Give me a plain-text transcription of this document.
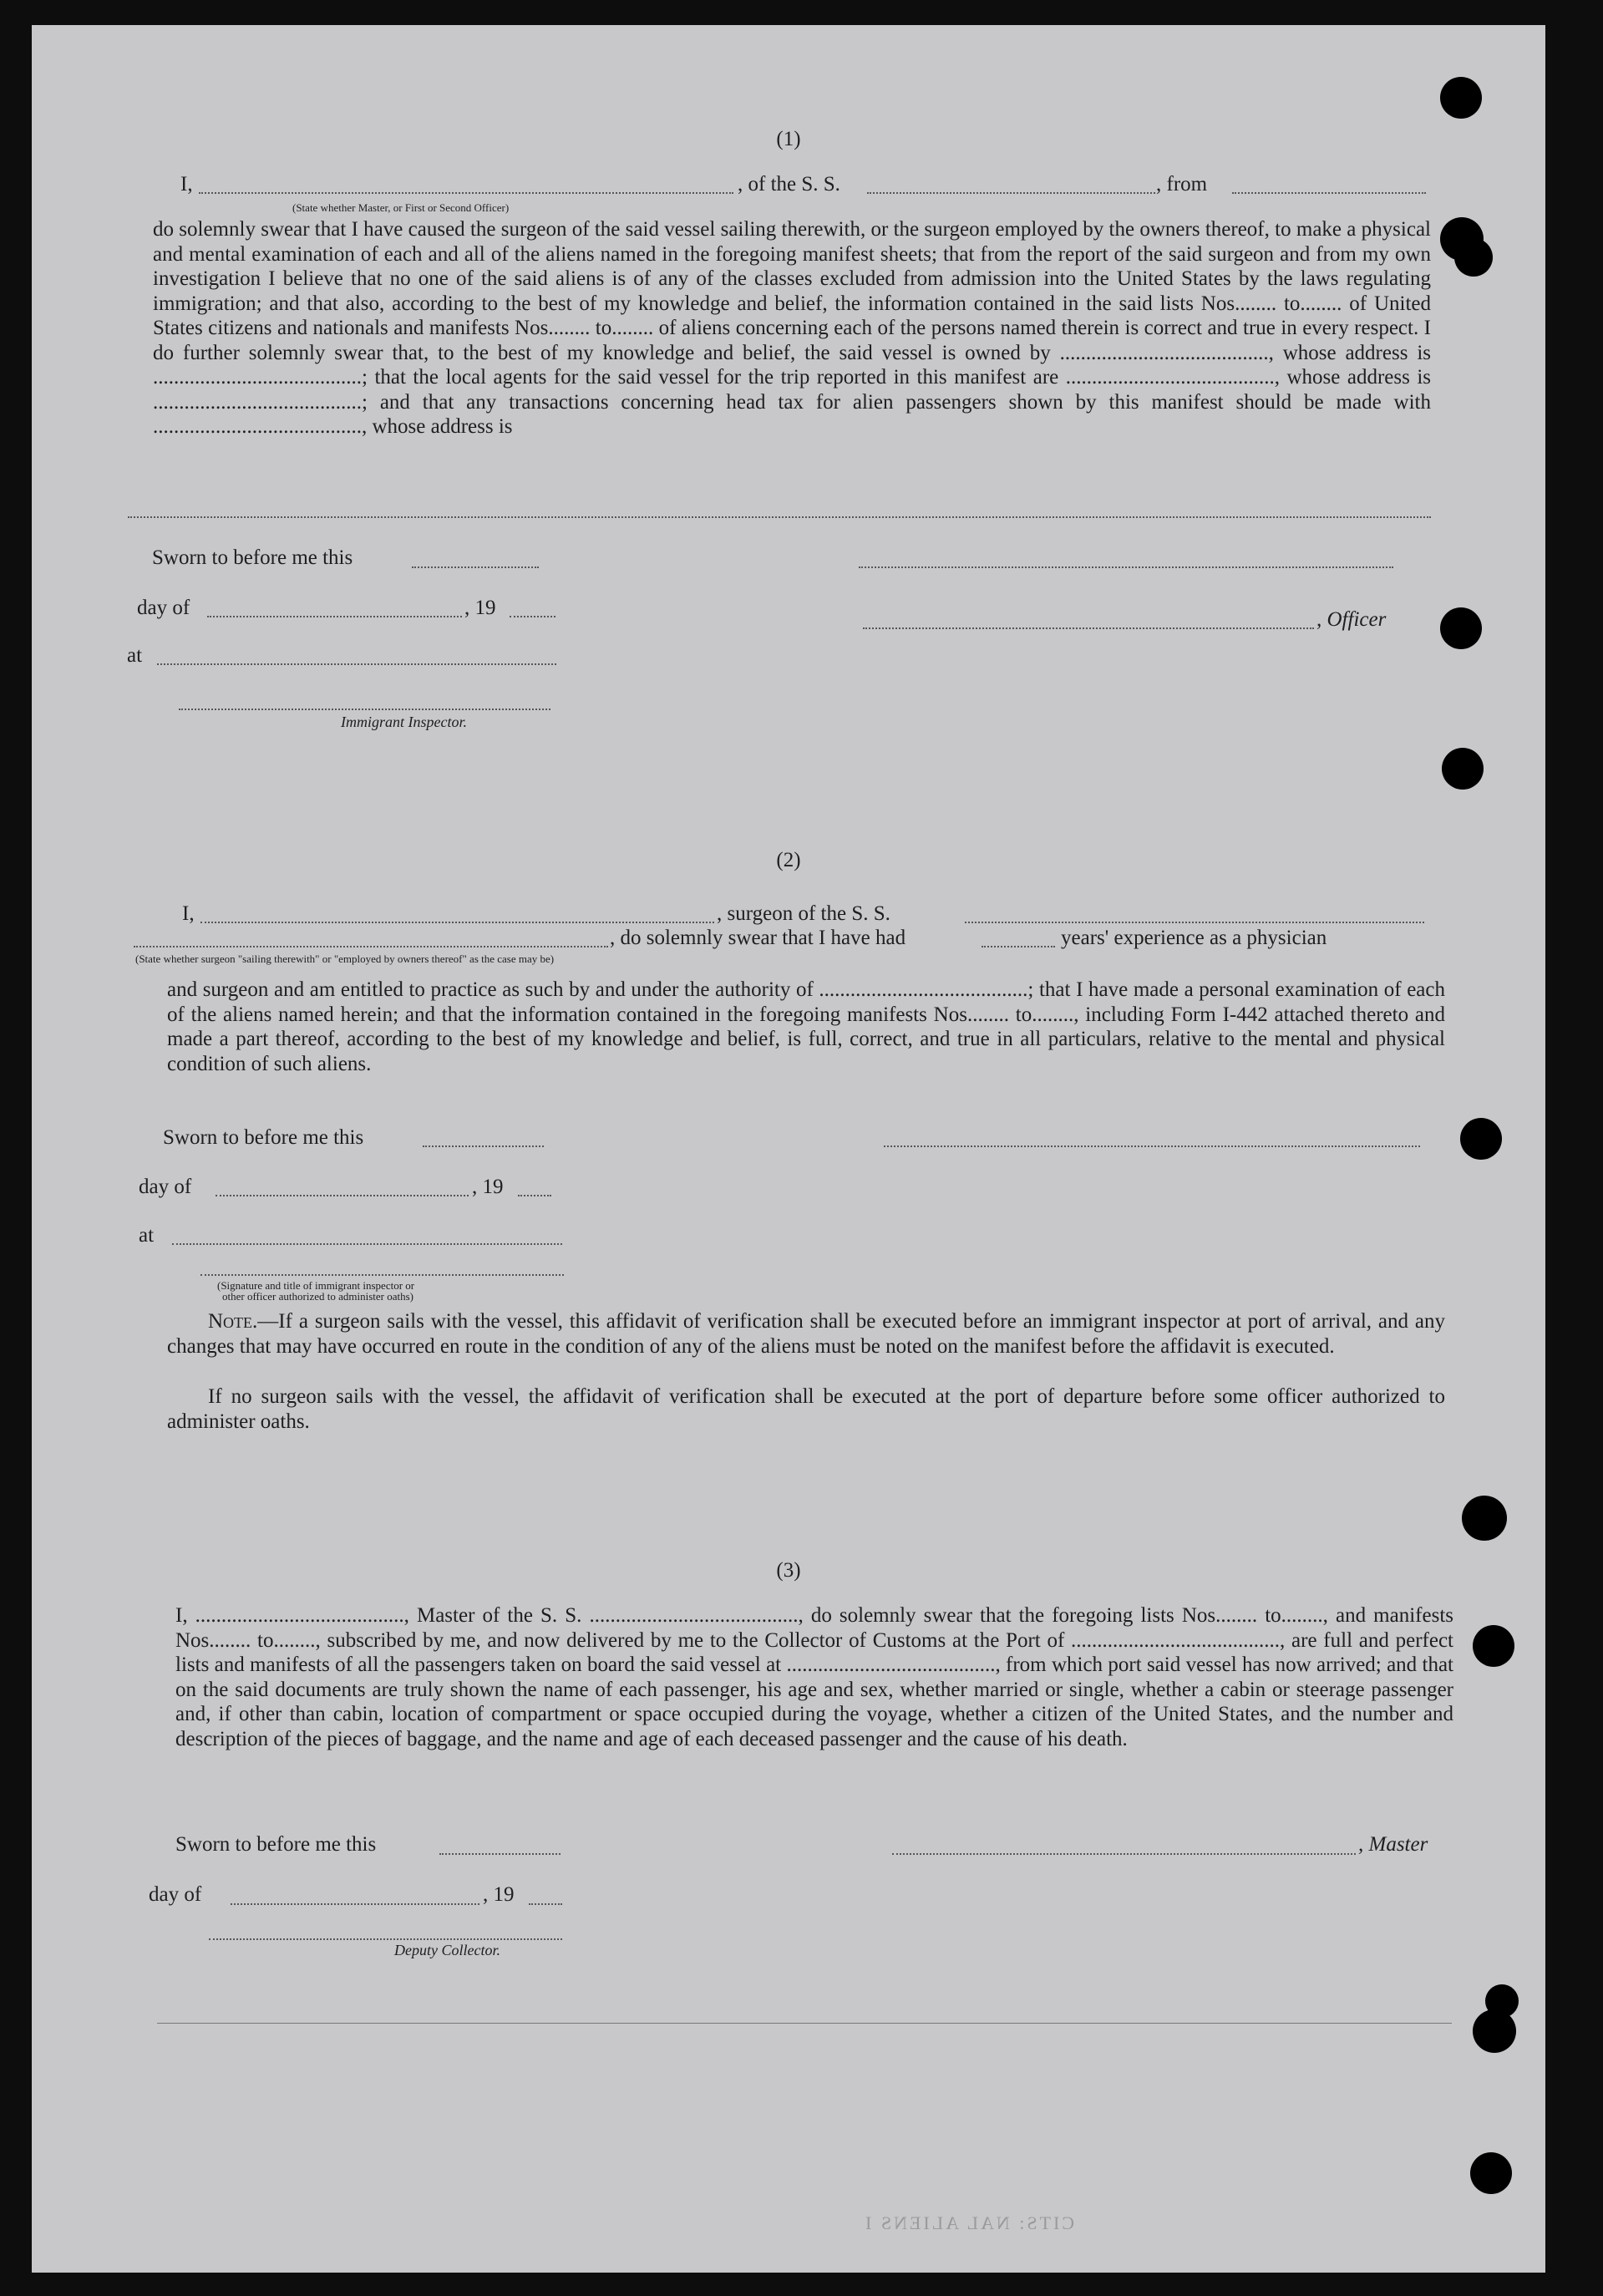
(1)
I,	, of the S. S.	, from
(State whether Master, or First or Second Officer)
do solemnly swear that I have caused the surgeon of the said vessel sailing therewith, or the surgeon employed by the owners thereof, to make a physical and mental examination of each and all of the aliens named in the foregoing manifest sheets; that from the report of the said surgeon and from my own investigation I believe that no one of the said aliens is of any of the classes excluded from admission into the United States by the laws regulating immigration; and that also, according to the best of my knowledge and belief, the information contained in the said lists Nos........ to........ of United States citizens and nationals and manifests Nos........ to........ of aliens concerning each of the persons named therein is correct and true in every respect. I do further solemnly swear that, to the best of my knowledge and belief, the said vessel is owned by ........................................, whose address is ........................................; that the local agents for the said vessel for the trip reported in this manifest are ........................................, whose address is ........................................; and that any transactions concerning head tax for alien passengers shown by this manifest should be made with ........................................, whose address is
Sworn to before me this
day of	, 19
, Officer
at
Immigrant Inspector.
(2)
I,	, surgeon of the S. S.
, do solemnly swear that I have had	years' experience as a physician
(State whether surgeon "sailing therewith" or "employed by owners thereof" as the case may be)
and surgeon and am entitled to practice as such by and under the authority of ........................................; that I have made a personal examination of each of the aliens named herein; and that the information contained in the foregoing manifests Nos........ to........, including Form I-442 attached thereto and made a part thereof, according to the best of my knowledge and belief, is full, correct, and true in all particulars, relative to the mental and physical condition of such aliens.
Sworn to before me this
day of	, 19
at
(Signature and title of immigrant inspector or
other officer authorized to administer oaths)
Note.—If a surgeon sails with the vessel, this affidavit of verification shall be executed before an immigrant inspector at port of arrival, and any changes that may have occurred en route in the condition of any of the aliens must be noted on the manifest before the affidavit is executed.
If no surgeon sails with the vessel, the affidavit of verification shall be executed at the port of departure before some officer authorized to administer oaths.
(3)
I, ........................................, Master of the S. S. ........................................, do solemnly swear that the foregoing lists Nos........ to........, and manifests Nos........ to........, subscribed by me, and now delivered by me to the Collector of Customs at the Port of ........................................, are full and perfect lists and manifests of all the passengers taken on board the said vessel at ........................................, from which port said vessel has now arrived; and that on the said documents are truly shown the name of each passenger, his age and sex, whether married or single, whether a cabin or steerage passenger and, if other than cabin, location of compartment or space occupied during the voyage, whether a citizen of the United States, and the number and description of the pieces of baggage, and the name and age of each deceased passenger and the cause of his death.
Sworn to before me this	, Master
day of	, 19
Deputy Collector.
CITS: NAL ALIENS I
